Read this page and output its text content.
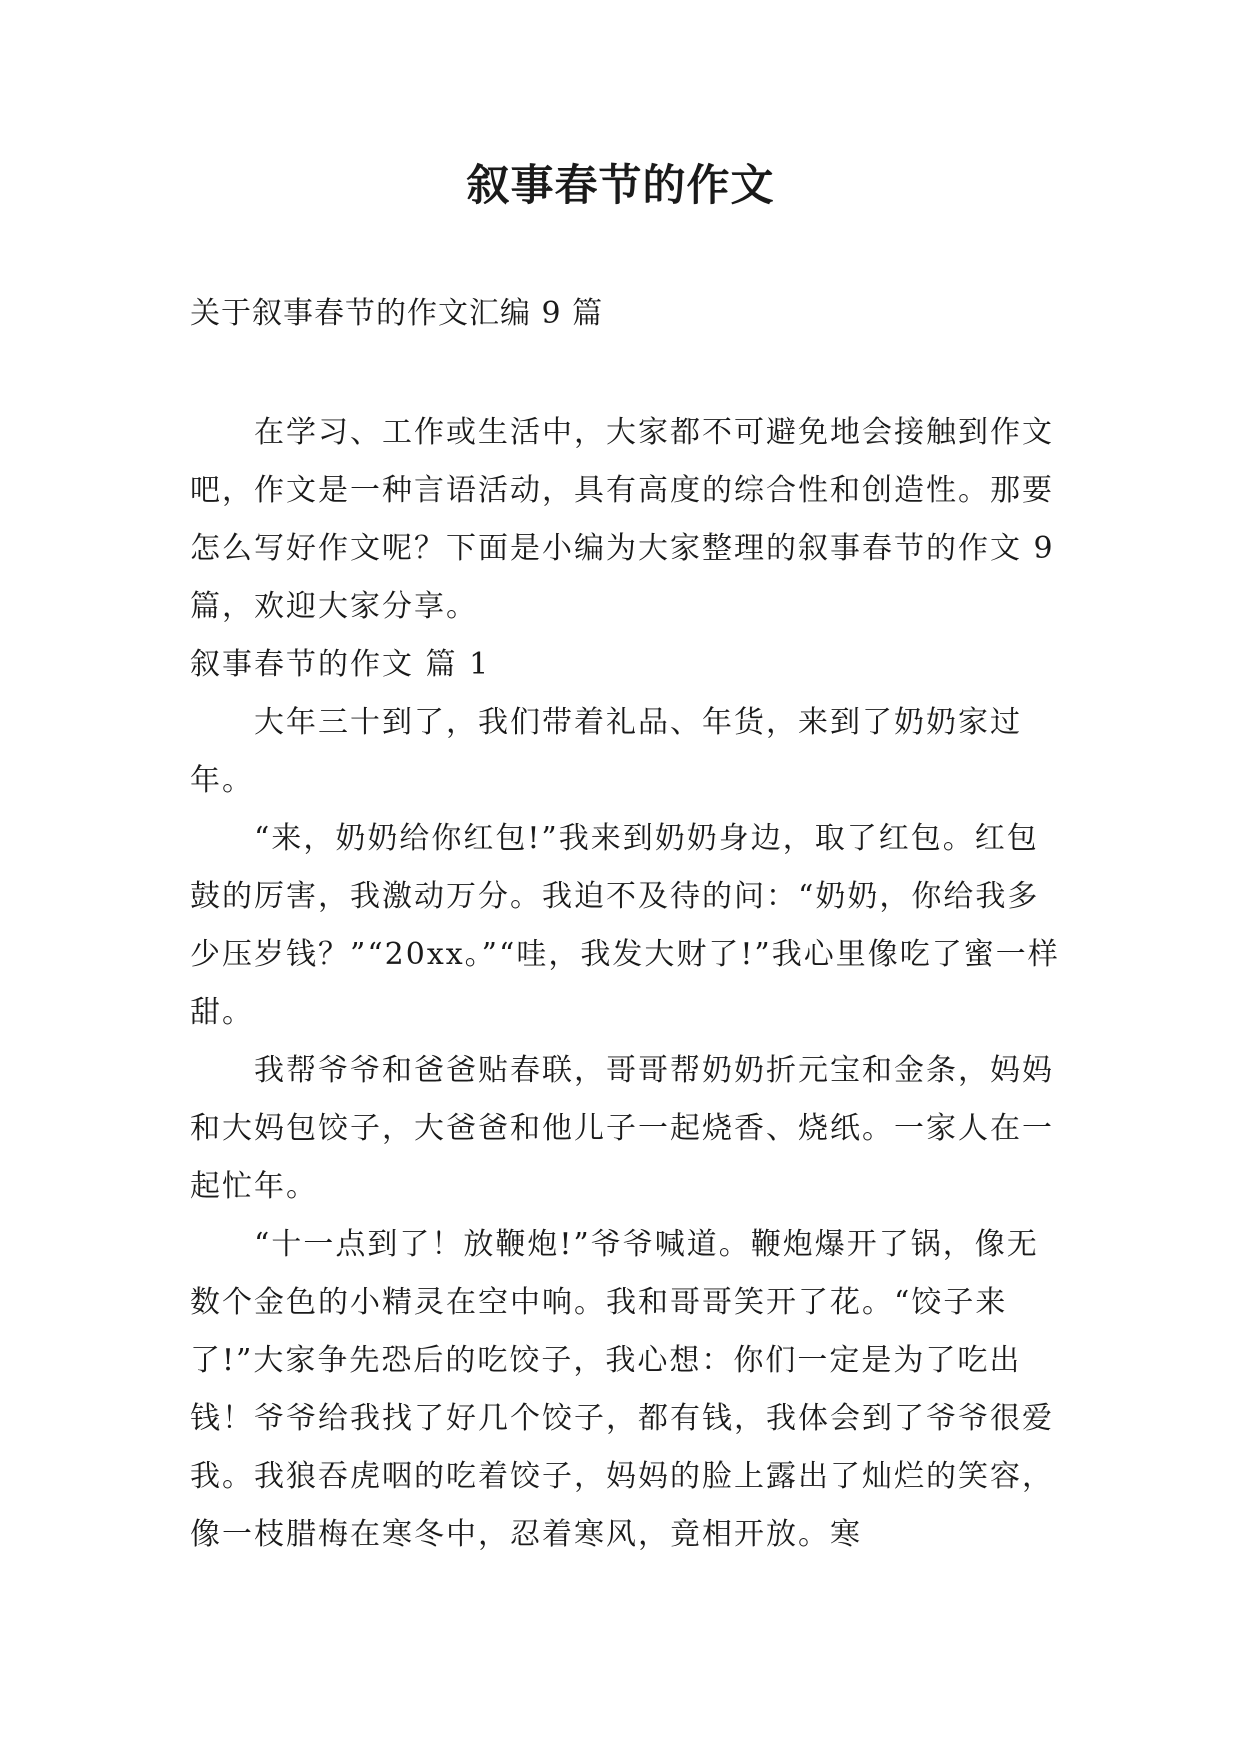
叙事春节的作文

关于叙事春节的作文汇编 9 篇

在学习、工作或生活中，大家都不可避免地会接触到作文吧，作文是一种言语活动，具有高度的综合性和创造性。那要怎么写好作文呢？下面是小编为大家整理的叙事春节的作文 9 篇，欢迎大家分享。

叙事春节的作文 篇 1

大年三十到了，我们带着礼品、年货，来到了奶奶家过年。

“来，奶奶给你红包!”我来到奶奶身边，取了红包。红包鼓的厉害，我激动万分。我迫不及待的问：“奶奶，你给我多少压岁钱？”“20xx。”“哇，我发大财了!”我心里像吃了蜜一样甜。

我帮爷爷和爸爸贴春联，哥哥帮奶奶折元宝和金条，妈妈和大妈包饺子，大爸爸和他儿子一起烧香、烧纸。一家人在一起忙年。

“十一点到了！放鞭炮!”爷爷喊道。鞭炮爆开了锅，像无数个金色的小精灵在空中响。我和哥哥笑开了花。“饺子来了!”大家争先恐后的吃饺子，我心想：你们一定是为了吃出钱！爷爷给我找了好几个饺子，都有钱，我体会到了爷爷很爱我。我狼吞虎咽的吃着饺子，妈妈的脸上露出了灿烂的笑容，像一枝腊梅在寒冬中，忍着寒风，竟相开放。寒
